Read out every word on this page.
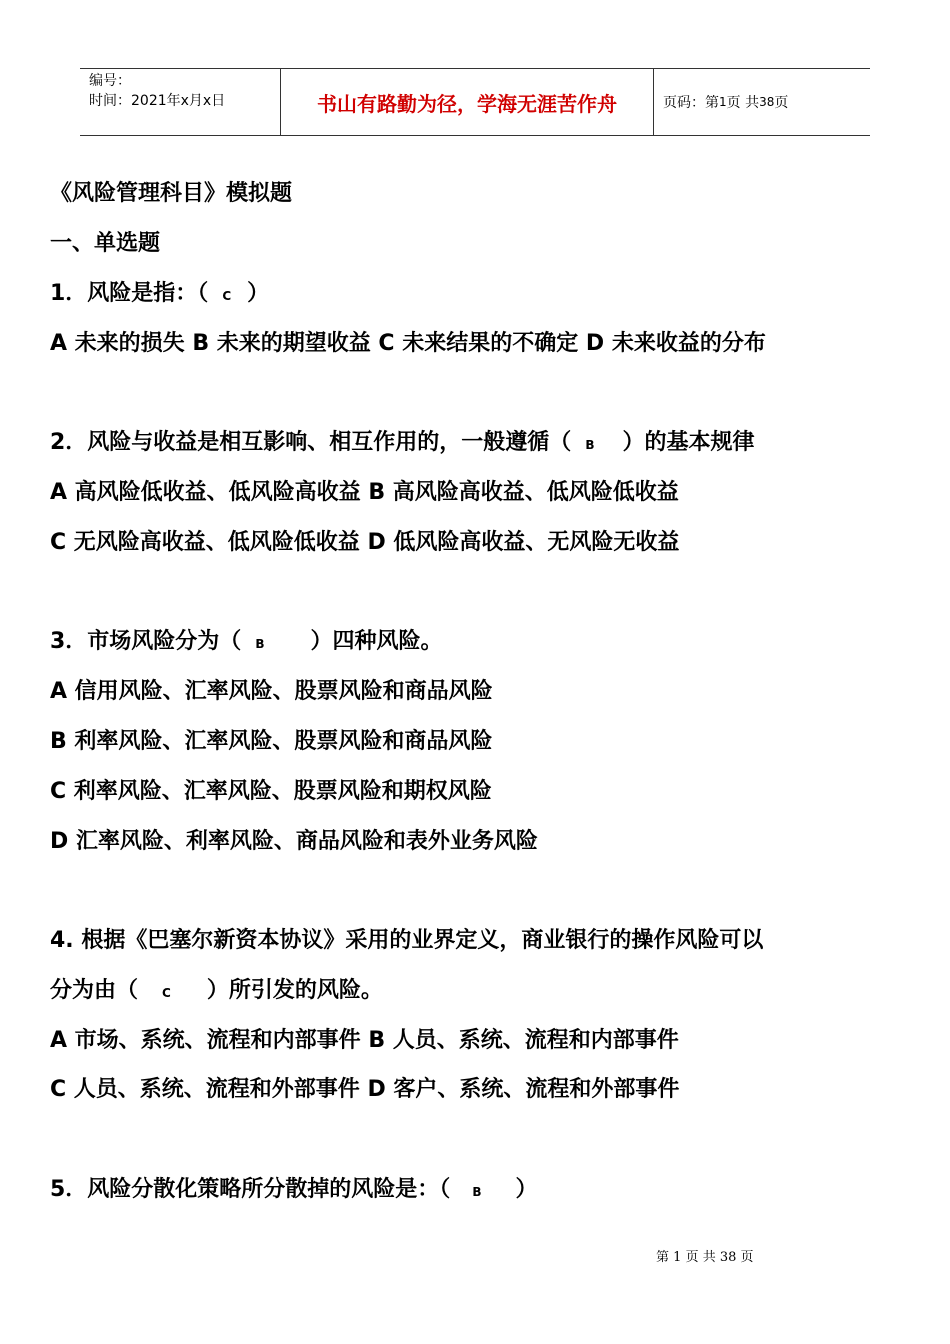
编号：
时间：2021年x月x日	书山有路勤为径，学海无涯苦作舟	页码：第 1 页 共 38 页
《风险管理科目》模拟题
一、单选题
1．风险是指：（ C ）
A 未来的损失 B 未来的期望收益 C 未来结果的不确定 D 未来收益的分布
2．风险与收益是相互影响、相互作用的，一般遵循（ B ）的基本规律
A 高风险低收益、低风险高收益 B 高风险高收益、低风险低收益
C 无风险高收益、低风险低收益 D 低风险高收益、无风险无收益
3．市场风险分为（ B ）四种风险。
A 信用风险、汇率风险、股票风险和商品风险
B 利率风险、汇率风险、股票风险和商品风险
C 利率风险、汇率风险、股票风险和期权风险
D 汇率风险、利率风险、商品风险和表外业务风险
4. 根据《巴塞尔新资本协议》采用的业界定义，商业银行的操作风险可以
分为由（ C ）所引发的风险。
A 市场、系统、流程和内部事件 B 人员、系统、流程和内部事件
C 人员、系统、流程和外部事件 D 客户、系统、流程和外部事件
5．风险分散化策略所分散掉的风险是：（ B ）
第 1 页 共 38 页
